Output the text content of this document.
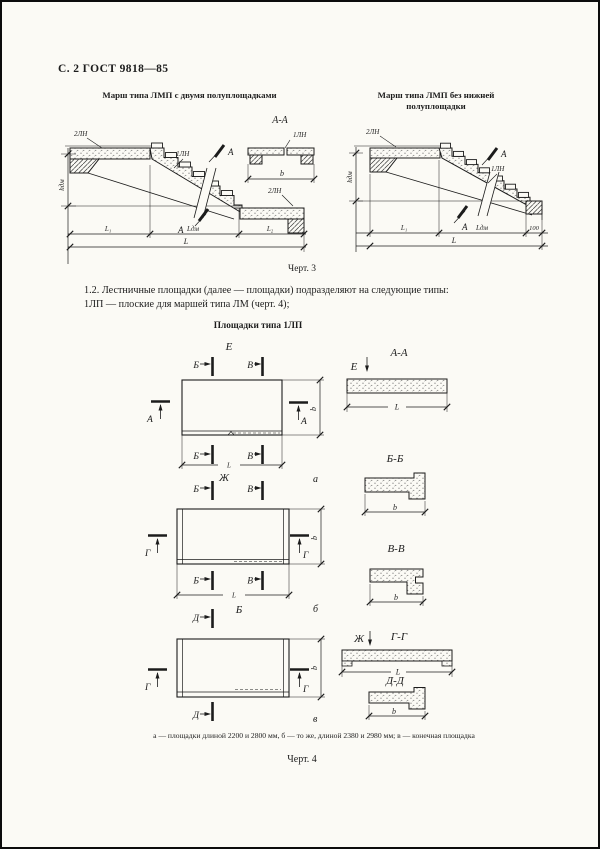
С. 2 ГОСТ 9818—85
Марш типа ЛМП с двумя полуплощадками	Марш типа ЛМП без нижней
полуплощадки
2ЛН
1ЛН
2ЛН
А
А
hдм
L₁	Lдм	L₂
L
А-А
1ЛН
b
2ЛН
1ЛН
А
А
hдм
L₁	Lдм	100
L
Черт. 3
1.2. Лестничные площадки (далее — площадки) подразделяют на следующие типы:
1ЛП — плоские для маршей типа ЛМ (черт. 4);
Площадки типа 1ЛП
Е
Б	В
А	А
Б	В
b
L
Ж	а
Б	В
Г	Г
b
Б	В
L
Б	б
Д
Г	Г
b
Д	в
А-А
Е
L
Б-Б
b
В-В
b
Ж Г-Г
L
Д-Д
b
а — площадки длиной 2200 и 2800 мм, б — то же, длиной 2380 и 2980 мм; в — конечная площадка
Черт. 4
